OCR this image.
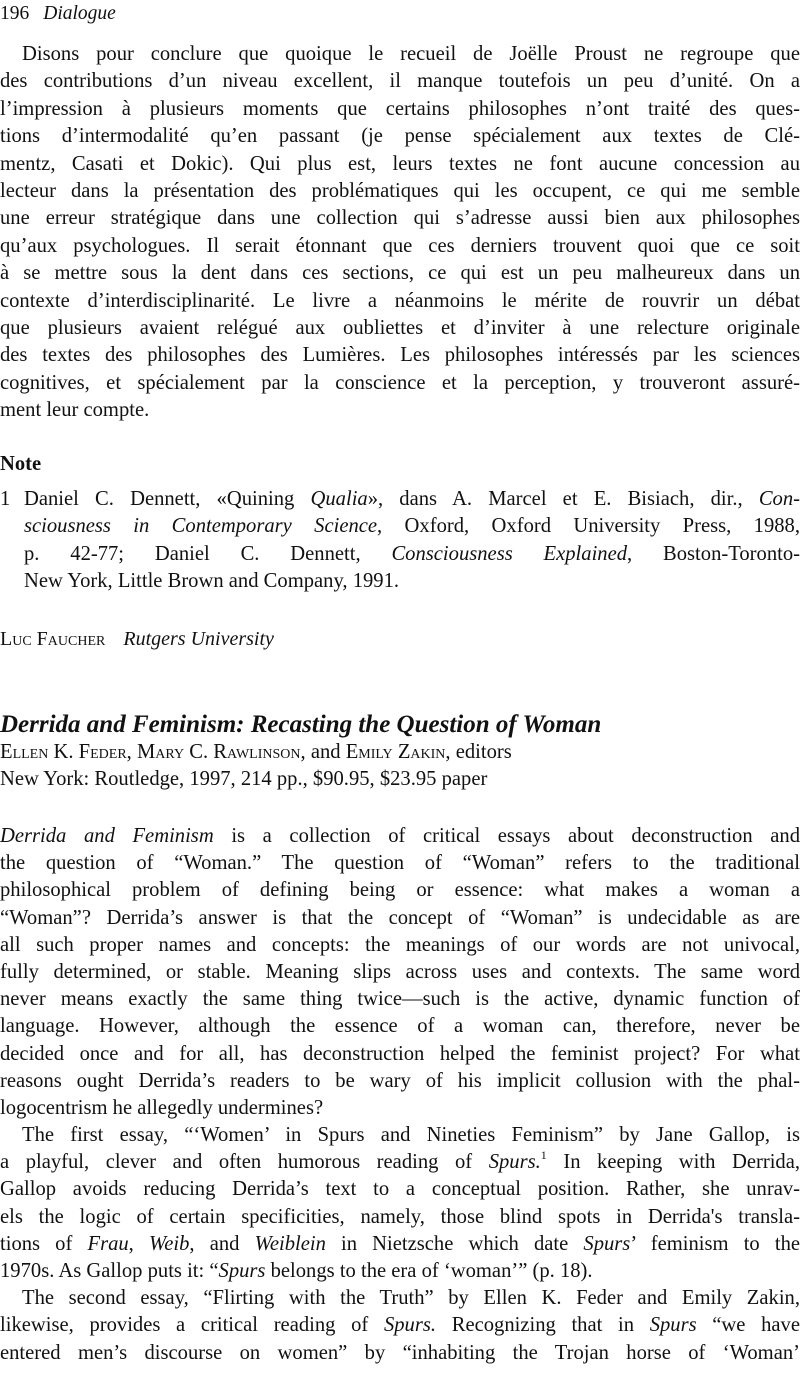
196 Dialogue
Disons pour conclure que quoique le recueil de Joëlle Proust ne regroupe que
des contributions d’un niveau excellent, il manque toutefois un peu d’unité. On a
l’impression à plusieurs moments que certains philosophes n’ont traité des ques-
tions d’intermodalité qu’en passant (je pense spécialement aux textes de Clé-
mentz, Casati et Dokic). Qui plus est, leurs textes ne font aucune concession au
lecteur dans la présentation des problématiques qui les occupent, ce qui me semble
une erreur stratégique dans une collection qui s’adresse aussi bien aux philosophes
qu’aux psychologues. Il serait étonnant que ces derniers trouvent quoi que ce soit
à se mettre sous la dent dans ces sections, ce qui est un peu malheureux dans un
contexte d’interdisciplinarité. Le livre a néanmoins le mérite de rouvrir un débat
que plusieurs avaient relégué aux oubliettes et d’inviter à une relecture originale
des textes des philosophes des Lumières. Les philosophes intéressés par les sciences
cognitives, et spécialement par la conscience et la perception, y trouveront assuré-
ment leur compte.
Note
1 Daniel C. Dennett, «Quining Qualia», dans A. Marcel et E. Bisiach, dir., Con-
sciousness in Contemporary Science, Oxford, Oxford University Press, 1988,
p. 42-77; Daniel C. Dennett, Consciousness Explained, Boston-Toronto-
New York, Little Brown and Company, 1991.
Luc Faucher Rutgers University
Derrida and Feminism: Recasting the Question of Woman
Ellen K. Feder, Mary C. Rawlinson, and Emily Zakin, editors
New York: Routledge, 1997, 214 pp., $90.95, $23.95 paper
Derrida and Feminism is a collection of critical essays about deconstruction and
the question of “Woman.” The question of “Woman” refers to the traditional
philosophical problem of defining being or essence: what makes a woman a
“Woman”? Derrida’s answer is that the concept of “Woman” is undecidable as are
all such proper names and concepts: the meanings of our words are not univocal,
fully determined, or stable. Meaning slips across uses and contexts. The same word
never means exactly the same thing twice—such is the active, dynamic function of
language. However, although the essence of a woman can, therefore, never be
decided once and for all, has deconstruction helped the feminist project? For what
reasons ought Derrida’s readers to be wary of his implicit collusion with the phal-
logocentrism he allegedly undermines?
The first essay, “‘Women’ in Spurs and Nineties Feminism” by Jane Gallop, is
a playful, clever and often humorous reading of Spurs.$^1$ In keeping with Derrida,
Gallop avoids reducing Derrida’s text to a conceptual position. Rather, she unrav-
els the logic of certain specificities, namely, those blind spots in Derrida's transla-
tions of Frau, Weib, and Weiblein in Nietzsche which date Spurs’ feminism to the
1970s. As Gallop puts it: “Spurs belongs to the era of ‘woman’” (p. 18).
The second essay, “Flirting with the Truth” by Ellen K. Feder and Emily Zakin,
likewise, provides a critical reading of Spurs. Recognizing that in Spurs “we have
entered men’s discourse on women” by “inhabiting the Trojan horse of ‘Woman’
